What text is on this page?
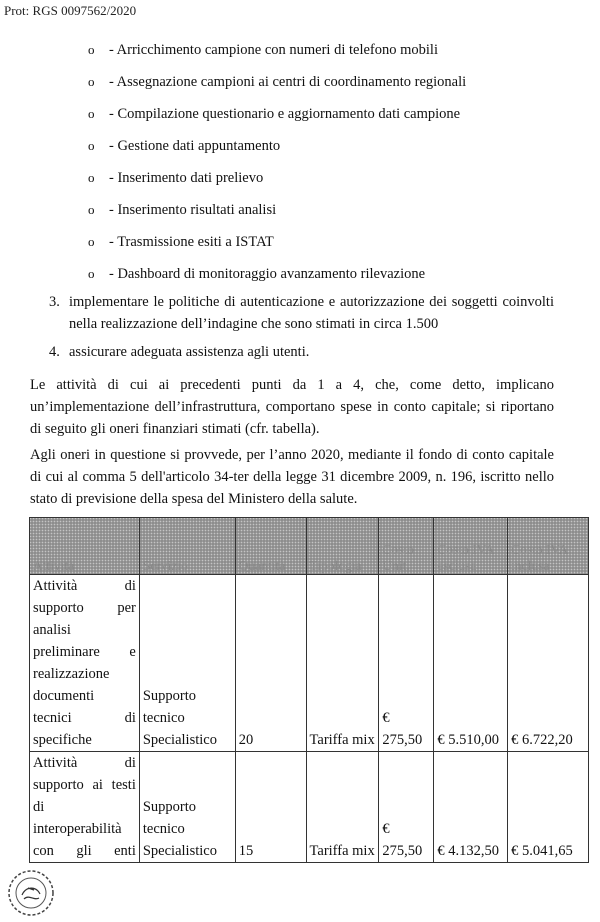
Prot: RGS 0097562/2020
o - Arricchimento campione con numeri di telefono mobili
o - Assegnazione campioni ai centri di coordinamento regionali
o - Compilazione questionario e aggiornamento dati campione
o - Gestione dati appuntamento
o - Inserimento dati prelievo
o - Inserimento risultati analisi
o - Trasmissione esiti a ISTAT
o - Dashboard di monitoraggio avanzamento rilevazione
3. implementare le politiche di autenticazione e autorizzazione dei soggetti coinvolti nella realizzazione dell’indagine che sono stimati in circa 1.500
4. assicurare adeguata assistenza agli utenti.

Le attività di cui ai precedenti punti da 1 a 4, che, come detto, implicano un’implementazione dell’infrastruttura, comportano spese in conto capitale; si riportano di seguito gli oneri finanziari stimati (cfr. tabella).

Agli oneri in questione si provvede, per l’anno 2020, mediante il fondo di conto capitale di cui al comma 5 dell'articolo 34-ter della legge 31 dicembre 2009, n. 196, iscritto nello stato di previsione della spesa del Ministero della salute.

Attività	Servizio	Quantità	Tipologia	Costo Unit.	Costo IVA esclusa	Costo IVA inclusa
Attività di supporto per analisi preliminare e realizzazione documenti tecnici di specifiche	Supporto tecnico Specialistico	20	Tariffa mix	€ 275,50	€ 5.510,00	€ 6.722,20
Attività di supporto ai testi di interoperabilità con gli enti	Supporto tecnico Specialistico	15	Tariffa mix	€ 275,50	€ 4.132,50	€ 5.041,65
